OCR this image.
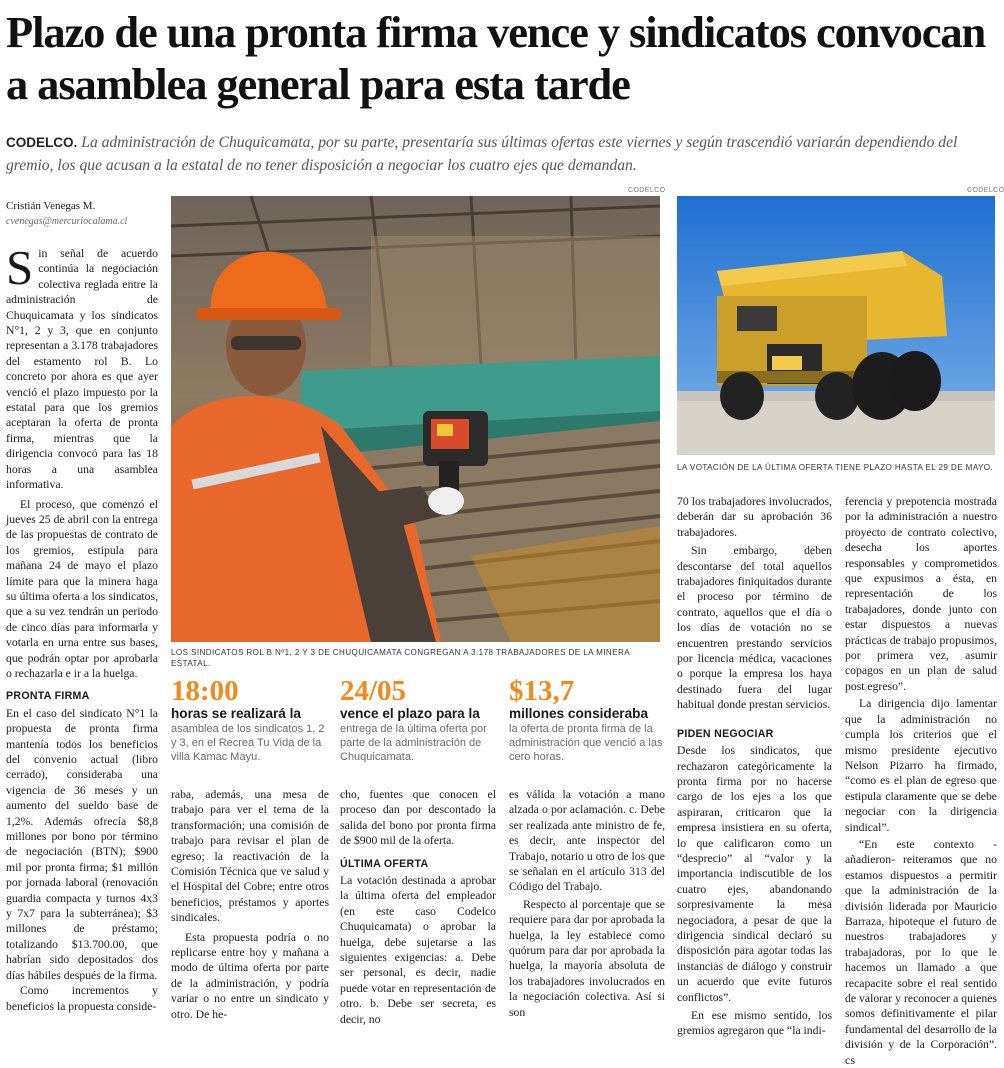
Plazo de una pronta firma vence y sindicatos convocan a asamblea general para esta tarde

CODELCO. La administración de Chuquicamata, por su parte, presentaría sus últimas ofertas este viernes y según trascendió variarán dependiendo del gremio, los que acusan a la estatal de no tener disposición a negociar los cuatro ejes que demandan.

Cristián Venegas M.
cvenegas@mercuriocalama.cl

Sin señal de acuerdo continúa la negociación colectiva reglada entre la administración de Chuquicamata y los sindicatos N°1, 2 y 3, que en conjunto representan a 3.178 trabajadores del estamento rol B. Lo concreto por ahora es que ayer venció el plazo impuesto por la estatal para que los gremios aceptaran la oferta de pronta firma, mientras que la dirigencia convocó para las 18 horas a una asamblea informativa.

El proceso, que comenzó el jueves 25 de abril con la entrega de las propuestas de contrato de los gremios, estipula para mañana 24 de mayo el plazo límite para que la minera haga su última oferta a los sindicatos, que a su vez tendrán un periodo de cinco días para informarla y votarla en urna entre sus bases, que podrán optar por aprobarla o rechazarla e ir a la huelga.

PRONTA FIRMA

En el caso del sindicato N°1 la propuesta de pronta firma mantenía todos los beneficios del convenio actual (libro cerrado), consideraba una vigencia de 36 meses y un aumento del sueldo base de 1,2%. Además ofrecía $8,8 millones por bono por término de negociación (BTN); $900 mil por pronta firma; $1 millón por jornada laboral (renovación guardia compacta y turnos 4x3 y 7x7 para la subterránea); $3 millones de préstamo; totalizando $13.700.00, que habrían sido depositados dos días hábiles después de la firma.

Como incrementos y beneficios la propuesta conside-

CODELCO
LOS SINDICATOS ROL B Nº1, 2 Y 3 DE CHUQUICAMATA CONGREGAN A 3.178 TRABAJADORES DE LA MINERA ESTATAL.
CODELCO
LA VOTACIÓN DE LA ÚLTIMA OFERTA TIENE PLAZO HASTA EL 29 DE MAYO.
18:00
horas se realizará la
asamblea de los sindicatos 1, 2 y 3, en el Recrea Tu Vida de la villa Kamac Mayu.
24/05
vence el plazo para la
entrega de la última oferta por parte de la administración de Chuquicamata.
$13,7
millones consideraba
la oferta de pronta firma de la administración que venció a las cero horas.

raba, además, una mesa de trabajo para ver el tema de la transformación; una comisión de trabajo para revisar el plan de egreso; la reactivación de la Comisión Técnica que ve salud y el Hospital del Cobre; entre otros beneficios, préstamos y aportes sindicales.

Esta propuesta podría o no replicarse entre hoy y mañana a modo de última oferta por parte de la administración, y podría variar o no entre un sindicato y otro. De he-

cho, fuentes que conocen el proceso dan por descontado la salida del bono por pronta firma de $900 mil de la oferta.

ÚLTIMA OFERTA

La votación destinada a aprobar la última oferta del empleador (en este caso Codelco Chuquicamata) o aprobar la huelga, debe sujetarse a las siguientes exigencias: a. Debe ser personal, es decir, nadie puede votar en representación de otro. b. Debe ser secreta, es decir, no

es válida la votación a mano alzada o por aclamación. c. Debe ser realizada ante ministro de fe, es decir, ante inspector del Trabajo, notario u otro de los que se señalan en el artículo 313 del Código del Trabajo.

Respecto al porcentaje que se requiere para dar por aprobada la huelga, la ley establece como quórum para dar por aprobada la huelga, la mayoría absoluta de los trabajadores involucrados en la negociación colectiva. Así si son

70 los trabajadores involucrados, deberán dar su aprobación 36 trabajadores.

Sin embargo, deben descontarse del total aquellos trabajadores finiquitados durante el proceso por término de contrato, aquellos que el día o los días de votación no se encuentren prestando servicios por licencia médica, vacaciones o porque la empresa los haya destinado fuera del lugar habitual donde prestan servicios.

PIDEN NEGOCIAR

Desde los sindicatos, que rechazaron categóricamente la pronta firma por no hacerse cargo de los ejes a los que aspiraran, criticaron que la empresa insistiera en su oferta, lo que calificaron como un “desprecio” al “valor y la importancia indiscutible de los cuatro ejes, abandonando sorpresivamente la mesa negociadora, a pesar de que la dirigencia sindical declaró su disposición para agotar todas las instancias de diálogo y construir un acuerdo que evite futuros conflictos”.

En ese mismo sentido, los gremios agregaron que “la indi-

ferencia y prepotencia mostrada por la administración a nuestro proyecto de contrato colectivo, desecha los aportes responsables y comprometidos que expusimos a ésta, en representación de los trabajadores, donde junto con estar dispuestos a nuevas prácticas de trabajo propusimos, por primera vez, asumir copagos en un plan de salud post egreso”.

La dirigencia dijo lamentar que la administración no cumpla los criterios que el mismo presidente ejecutivo Nelson Pizarro ha firmado, “como es el plan de egreso que estipula claramente que se debe negociar con la dirigencia sindical”.

“En este contexto -añadieron- reiteramos que no estamos dispuestos a permitir que la administración de la división liderada por Mauricio Barraza, hipoteque el futuro de nuestros trabajadores y trabajadoras, por lo que le hacemos un llamado a que recapacite sobre el real sentido de valorar y reconocer a quienes somos definitivamente el pilar fundamental del desarrollo de la división y de la Corporación”. cs
